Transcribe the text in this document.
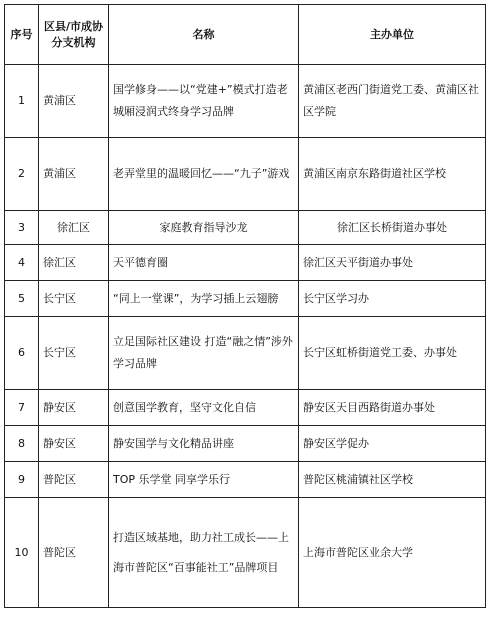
序号	区县/市成协分支机构	名称	主办单位
1	黄浦区	国学修身——以“党建+”模式打造老城厢浸润式终身学习品牌	黄浦区老西门街道党工委、黄浦区社区学院
2	黄浦区	老弄堂里的温暖回忆——“九子”游戏	黄浦区南京东路街道社区学校
3	徐汇区	家庭教育指导沙龙	徐汇区长桥街道办事处
4	徐汇区	天平德育圈	徐汇区天平街道办事处
5	长宁区	“同上一堂课”，为学习插上云翅膀	长宁区学习办
6	长宁区	立足国际社区建设 打造“融之情”涉外学习品牌	长宁区虹桥街道党工委、办事处
7	静安区	创意国学教育，坚守文化自信	静安区天目西路街道办事处
8	静安区	静安国学与文化精品讲座	静安区学促办
9	普陀区	TOP 乐学堂 同享学乐行	普陀区桃浦镇社区学校
10	普陀区	打造区域基地，助力社工成长——上海市普陀区“百事能社工”品牌项目	上海市普陀区业余大学
